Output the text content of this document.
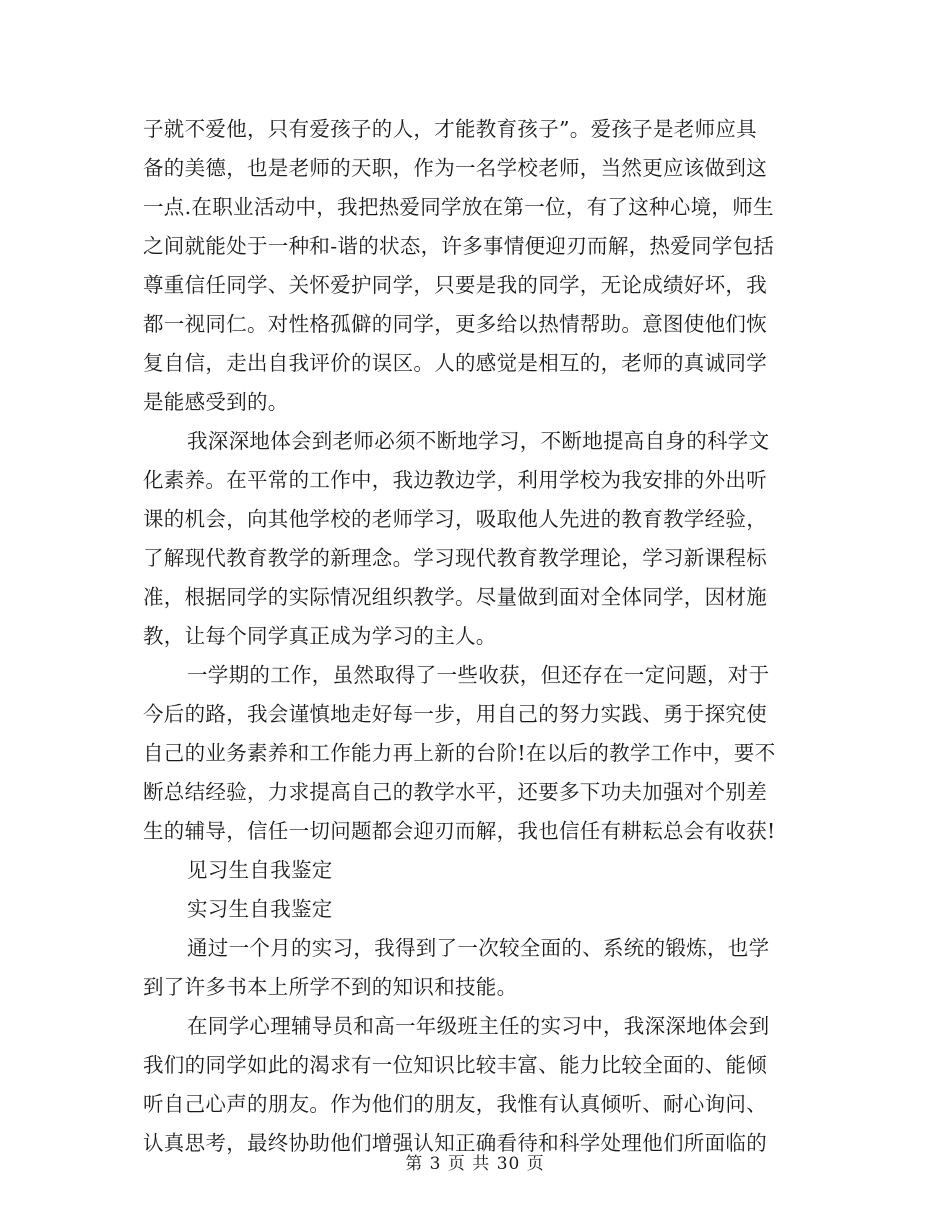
子就不爱他，只有爱孩子的人，才能教育孩子”。爱孩子是老师应具
备的美德，也是老师的天职，作为一名学校老师，当然更应该做到这
一点.在职业活动中，我把热爱同学放在第一位，有了这种心境，师生
之间就能处于一种和-谐的状态，许多事情便迎刃而解，热爱同学包括
尊重信任同学、关怀爱护同学，只要是我的同学，无论成绩好坏，我
都一视同仁。对性格孤僻的同学，更多给以热情帮助。意图使他们恢
复自信，走出自我评价的误区。人的感觉是相互的，老师的真诚同学
是能感受到的。
我深深地体会到老师必须不断地学习，不断地提高自身的科学文
化素养。在平常的工作中，我边教边学，利用学校为我安排的外出听
课的机会，向其他学校的老师学习，吸取他人先进的教育教学经验，
了解现代教育教学的新理念。学习现代教育教学理论，学习新课程标
准，根据同学的实际情况组织教学。尽量做到面对全体同学，因材施
教，让每个同学真正成为学习的主人。
一学期的工作，虽然取得了一些收获，但还存在一定问题，对于
今后的路，我会谨慎地走好每一步，用自己的努力实践、勇于探究使
自己的业务素养和工作能力再上新的台阶!在以后的教学工作中，要不
断总结经验，力求提高自己的教学水平，还要多下功夫加强对个别差
生的辅导，信任一切问题都会迎刃而解，我也信任有耕耘总会有收获!
见习生自我鉴定
实习生自我鉴定
通过一个月的实习，我得到了一次较全面的、系统的锻炼，也学
到了许多书本上所学不到的知识和技能。
在同学心理辅导员和高一年级班主任的实习中，我深深地体会到
我们的同学如此的渴求有一位知识比较丰富、能力比较全面的、能倾
听自己心声的朋友。作为他们的朋友，我惟有认真倾听、耐心询问、
认真思考，最终协助他们增强认知正确看待和科学处理他们所面临的
第 3 页 共 30 页
